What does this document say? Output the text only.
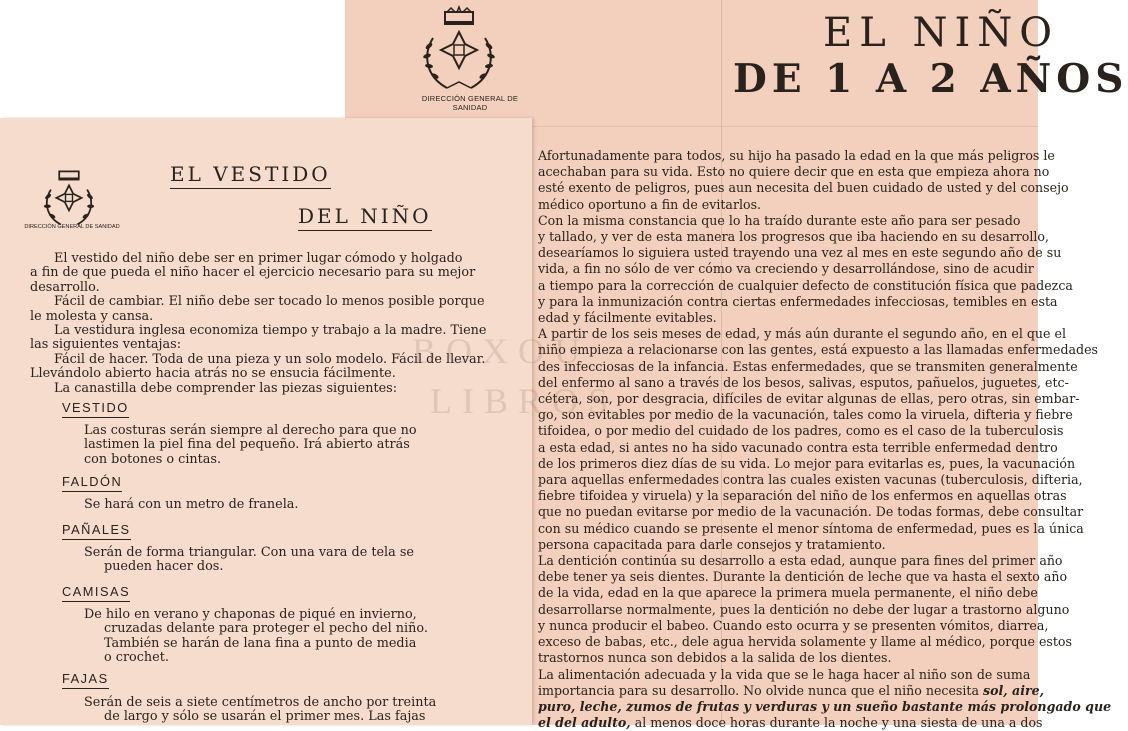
DIRECCIÓN GENERAL DE SANIDAD
EL NIÑO
DE 1 A 2 AÑOS
Afortunadamente para todos, su hijo ha pasado la edad en la que más peligros le
acechaban para su vida. Esto no quiere decir que en esta que empieza ahora no
esté exento de peligros, pues aun necesita del buen cuidado de usted y del consejo
médico oportuno a fin de evitarlos.
Con la misma constancia que lo ha traído durante este año para ser pesado
y tallado, y ver de esta manera los progresos que iba haciendo en su desarrollo,
desearíamos lo siguiera usted trayendo una vez al mes en este segundo año de su
vida, a fin no sólo de ver cómo va creciendo y desarrollándose, sino de acudir
a tiempo para la corrección de cualquier defecto de constitución física que padezca
y para la inmunización contra ciertas enfermedades infecciosas, temibles en esta
edad y fácilmente evitables.
A partir de los seis meses de edad, y más aún durante el segundo año, en el que el
niño empieza a relacionarse con las gentes, está expuesto a las llamadas enfermedades
des infecciosas de la infancia. Estas enfermedades, que se transmiten generalmente
del enfermo al sano a través de los besos, salivas, esputos, pañuelos, juguetes, etc-
cétera, son, por desgracia, difíciles de evitar algunas de ellas, pero otras, sin embar-
go, son evitables por medio de la vacunación, tales como la viruela, difteria y fiebre
tifoidea, o por medio del cuidado de los padres, como es el caso de la tuberculosis
a esta edad, si antes no ha sido vacunado contra esta terrible enfermedad dentro
de los primeros diez días de su vida. Lo mejor para evitarlas es, pues, la vacunación
para aquellas enfermedades contra las cuales existen vacunas (tuberculosis, difteria,
fiebre tifoidea y viruela) y la separación del niño de los enfermos en aquellas otras
que no puedan evitarse por medio de la vacunación. De todas formas, debe consultar
con su médico cuando se presente el menor síntoma de enfermedad, pues es la única
persona capacitada para darle consejos y tratamiento.
La dentición continúa su desarrollo a esta edad, aunque para fines del primer año
debe tener ya seis dientes. Durante la dentición de leche que va hasta el sexto año
de la vida, edad en la que aparece la primera muela permanente, el niño debe
desarrollarse normalmente, pues la dentición no debe der lugar a trastorno alguno
y nunca producir el babeo. Cuando esto ocurra y se presenten vómitos, diarrea,
exceso de babas, etc., dele agua hervida solamente y llame al médico, porque estos
trastornos nunca son debidos a la salida de los dientes.
La alimentación adecuada y la vida que se le haga hacer al niño son de suma
importancia para su desarrollo. No olvide nunca que el niño necesita sol, aire,
puro, leche, zumos de frutas y verduras y un sueño bastante más prolongado que
el del adulto, al menos doce horas durante la noche y una siesta de una a dos
DIRECCIÓN GENERAL DE SANIDAD
EL VESTIDO
DEL NIÑO
El vestido del niño debe ser en primer lugar cómodo y holgado
a fin de que pueda el niño hacer el ejercicio necesario para su mejor
desarrollo.
Fácil de cambiar. El niño debe ser tocado lo menos posible porque
le molesta y cansa.
La vestidura inglesa economiza tiempo y trabajo a la madre. Tiene
las siguientes ventajas:
Fácil de hacer. Toda de una pieza y un solo modelo. Fácil de llevar.
Llevándolo abierto hacia atrás no se ensucia fácilmente.
La canastilla debe comprender las piezas siguientes:
VESTIDO
Las costuras serán siempre al derecho para que no
lastimen la piel fina del pequeño. Irá abierto atrás
con botones o cintas.
FALDÓN
Se hará con un metro de franela.
PAÑALES
Serán de forma triangular. Con una vara de tela se
pueden hacer dos.
CAMISAS
De hilo en verano y chaponas de piqué en invierno,
cruzadas delante para proteger el pecho del niño.
También se harán de lana fina a punto de media
o crochet.
FAJAS
Serán de seis a siete centímetros de ancho por treinta
de largo y sólo se usarán el primer mes. Las fajas
